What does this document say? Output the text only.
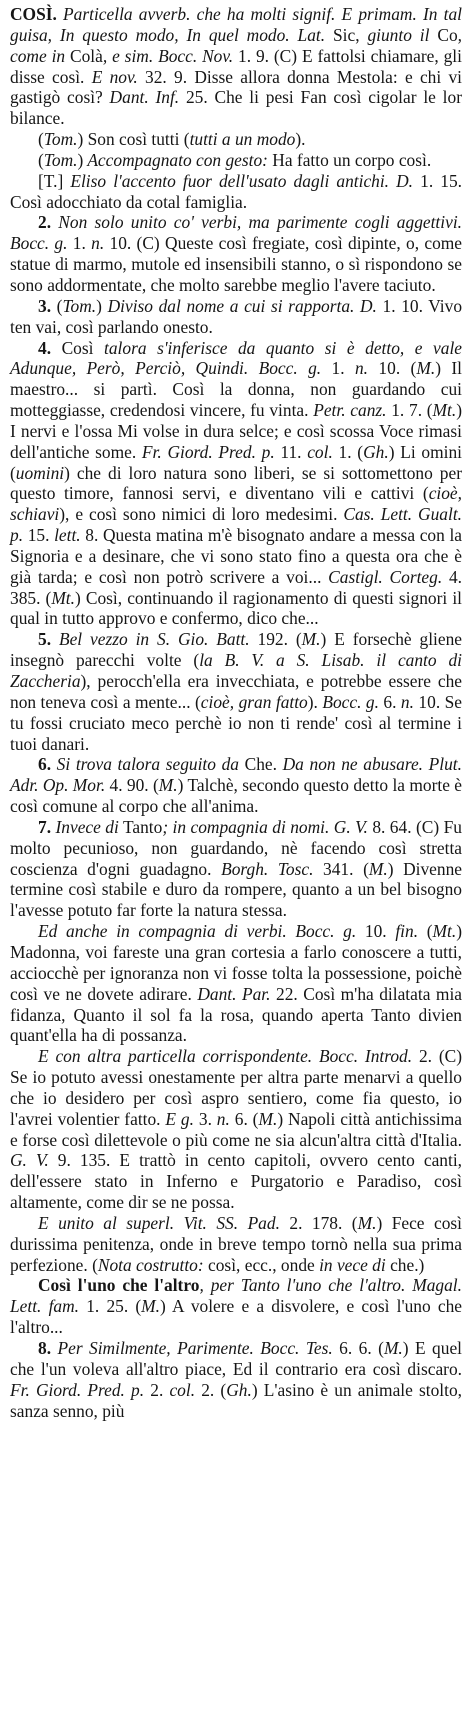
COSÌ. Particella avverb. che ha molti signif. E primam. In tal guisa, In questo modo, In quel modo. Lat. Sic, giunto il Co, come in Colà, e sim. Bocc. Nov. 1. 9. (C) E fattolsi chiamare, gli disse così. E nov. 32. 9. Disse allora donna Mestola: e chi vi gastigò così? Dant. Inf. 25. Che li pesi Fan così cigolar le lor bilance.

(Tom.) Son così tutti (tutti a un modo).

(Tom.) Accompagnato con gesto: Ha fatto un corpo così.

[T.] Eliso l'accento fuor dell'usato dagli antichi. D. 1. 15. Così adocchiato da cotal famiglia.

2. Non solo unito co' verbi, ma parimente cogli aggettivi. Bocc. g. 1. n. 10. (C) Queste così fregiate, così dipinte, o, come statue di marmo, mutole ed insensibili stanno, o sì rispondono se sono addormentate, che molto sarebbe meglio l'avere taciuto.

3. (Tom.) Diviso dal nome a cui si rapporta. D. 1. 10. Vivo ten vai, così parlando onesto.

4. Così talora s'inferisce da quanto si è detto, e vale Adunque, Però, Perciò, Quindi. Bocc. g. 1. n. 10. (M.) Il maestro... si partì. Così la donna, non guardando cui motteggiasse, credendosi vincere, fu vinta. Petr. canz. 1. 7. (Mt.) I nervi e l'ossa Mi volse in dura selce; e così scossa Voce rimasi dell'antiche some. Fr. Giord. Pred. p. 11. col. 1. (Gh.) Li omini (uomini) che di loro natura sono liberi, se si sottomettono per questo timore, fannosi servi, e diventano vili e cattivi (cioè, schiavi), e così sono nimici di loro medesimi. Cas. Lett. Gualt. p. 15. lett. 8. Questa matina m'è bisognato andare a messa con la Signoria e a desinare, che vi sono stato fino a questa ora che è già tarda; e così non potrò scrivere a voi... Castigl. Corteg. 4. 385. (Mt.) Così, continuando il ragionamento di questi signori il qual in tutto approvo e confermo, dico che...

5. Bel vezzo in S. Gio. Batt. 192. (M.) E forsechè gliene insegnò parecchi volte (la B. V. a S. Lisab. il canto di Zaccheria), perocch'ella era invecchiata, e potrebbe essere che non teneva così a mente... (cioè, gran fatto). Bocc. g. 6. n. 10. Se tu fossi cruciato meco perchè io non ti rende' così al termine i tuoi danari.

6. Si trova talora seguito da Che. Da non ne abusare. Plut. Adr. Op. Mor. 4. 90. (M.) Talchè, secondo questo detto la morte è così comune al corpo che all'anima.

7. Invece di Tanto; in compagnia di nomi. G. V. 8. 64. (C) Fu molto pecunioso, non guardando, nè facendo così stretta coscienza d'ogni guadagno. Borgh. Tosc. 341. (M.) Divenne termine così stabile e duro da rompere, quanto a un bel bisogno l'avesse potuto far forte la natura stessa.

Ed anche in compagnia di verbi. Bocc. g. 10. fin. (Mt.) Madonna, voi fareste una gran cortesia a farlo conoscere a tutti, acciocchè per ignoranza non vi fosse tolta la possessione, poichè così ve ne dovete adirare. Dant. Par. 22. Così m'ha dilatata mia fidanza, Quanto il sol fa la rosa, quando aperta Tanto divien quant'ella ha di possanza.

E con altra particella corrispondente. Bocc. Introd. 2. (C) Se io potuto avessi onestamente per altra parte menarvi a quello che io desidero per così aspro sentiero, come fia questo, io l'avrei volentier fatto. E g. 3. n. 6. (M.) Napoli città antichissima e forse così dilettevole o più come ne sia alcun'altra città d'Italia. G. V. 9. 135. E trattò in cento capitoli, ovvero cento canti, dell'essere stato in Inferno e Purgatorio e Paradiso, così altamente, come dir se ne possa.

E unito al superl. Vit. SS. Pad. 2. 178. (M.) Fece così durissima penitenza, onde in breve tempo tornò nella sua prima perfezione. (Nota costrutto: così, ecc., onde in vece di che.)

Così l'uno che l'altro, per Tanto l'uno che l'altro. Magal. Lett. fam. 1. 25. (M.) A volere e a disvolere, e così l'uno che l'altro...

8. Per Similmente, Parimente. Bocc. Tes. 6. 6. (M.) E quel che l'un voleva all'altro piace, Ed il contrario era così discaro. Fr. Giord. Pred. p. 2. col. 2. (Gh.) L'asino è un animale stolto, sanza senno, più
